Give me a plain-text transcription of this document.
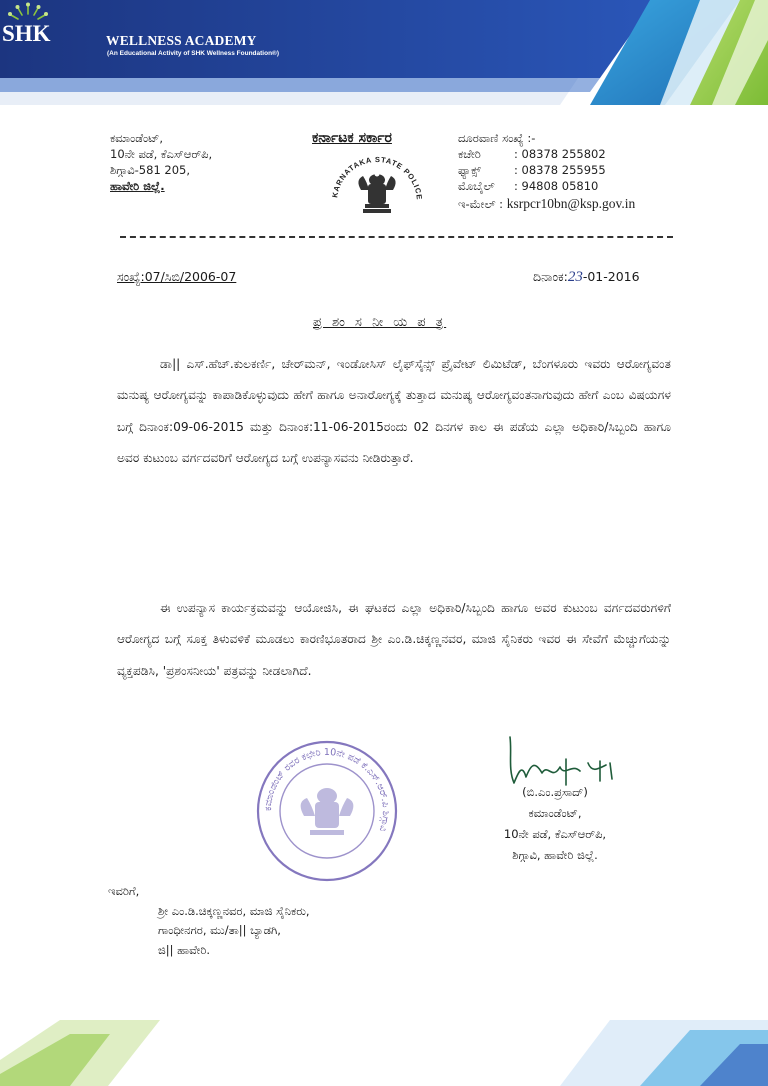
SHK	WELLNESS ACADEMY
(An Educational Activity of SHK Wellness Foundation®)
ಕಮಾಂಡೆಂಟ್,
10ನೇ ಪಡೆ, ಕೆಎಸ್‌ಆರ್‌ಪಿ,
ಶಿಗ್ಗಾವಿ-581 205,
ಹಾವೇರಿ ಜಿಲ್ಲೆ.
ಕರ್ನಾಟಕ ಸರ್ಕಾರ
KARNATAKA STATE POLICE
ದೂರವಾಣಿ ಸಂಖ್ಯೆ :-
ಕಚೇರಿ	: 08378 255802
ಫ್ಯಾಕ್ಸ್	: 08378 255955
ಮೊಬೈಲ್ : 94808 05810
ಇ-ಮೇಲ್ : ksrpcr10bn@ksp.gov.in
ಸಂಖ್ಯೆ:07/ಸಿಬಿ/2006-07	ದಿನಾಂಕ:23-01-2016
ಪ್ರ ಶಂ ಸ ನೀ ಯ ಪ ತ್ರ
ಡಾ|| ಎಸ್.ಹೆಚ್.ಕುಲಕರ್ಣಿ, ಚೇರ್‌ಮನ್, ಇಂಡೋಸಿಸ್ ಲೈಫ್‌ಸೈನ್ಸ್ ಪ್ರೈವೇಟ್ ಲಿಮಿಟೆಡ್, ಬೆಂಗಳೂರು ಇವರು ಆರೋಗ್ಯವಂತ ಮನುಷ್ಯ ಆರೋಗ್ಯವನ್ನು ಕಾಪಾಡಿಕೊಳ್ಳುವುದು ಹೇಗೆ ಹಾಗೂ ಅನಾರೋಗ್ಯಕ್ಕೆ ತುತ್ತಾದ ಮನುಷ್ಯ ಆರೋಗ್ಯವಂತನಾಗುವುದು ಹೇಗೆ ಎಂಬ ವಿಷಯಗಳ ಬಗ್ಗೆ ದಿನಾಂಕ:09-06-2015 ಮತ್ತು ದಿನಾಂಕ:11-06-2015ರಂದು 02 ದಿನಗಳ ಕಾಲ ಈ ಪಡೆಯ ಎಲ್ಲಾ ಅಧಿಕಾರಿ/ಸಿಬ್ಬಂದಿ ಹಾಗೂ ಅವರ ಕುಟುಂಬ ವರ್ಗದವರಿಗೆ ಆರೋಗ್ಯದ ಬಗ್ಗೆ ಉಪನ್ಯಾಸವನು ನೀಡಿರುತ್ತಾರೆ.
ಈ ಉಪನ್ಯಾಸ ಕಾರ್ಯಕ್ರಮವನ್ನು ಆಯೋಜಿಸಿ, ಈ ಘಟಕದ ಎಲ್ಲಾ ಅಧಿಕಾರಿ/ಸಿಬ್ಬಂದಿ ಹಾಗೂ ಅವರ ಕುಟುಂಬ ವರ್ಗದವರುಗಳಿಗೆ ಆರೋಗ್ಯದ ಬಗ್ಗೆ ಸೂಕ್ತ ತಿಳುವಳಿಕೆ ಮೂಡಲು ಕಾರಣಿಭೂತರಾದ ಶ್ರೀ ಎಂ.ಡಿ.ಚಿಕ್ಕಣ್ಣನವರ, ಮಾಜಿ ಸೈನಿಕರು ಇವರ ಈ ಸೇವೆಗೆ ಮೆಚ್ಚುಗೆಯನ್ನು ವ್ಯಕ್ತಪಡಿಸಿ, 'ಪ್ರಶಂಸನೀಯ' ಪತ್ರವನ್ನು ನೀಡಲಾಗಿದೆ.
ಕಮಾಂಡೆಂಟ್ ರವರ ಕಛೇರಿ 10ನೇ ಪಡೆ ಕೆ.ಎಸ್.ಆರ್.ಪಿ ಶಿಗ್ಗಾವಿ
(ಬಿ.ಎಂ.ಪ್ರಸಾದ್)
ಕಮಾಂಡೆಂಟ್,
10ನೇ ಪಡೆ, ಕೆಎಸ್‌ಆರ್‌ಪಿ,
ಶಿಗ್ಗಾವಿ, ಹಾವೇರಿ ಜಿಲ್ಲೆ.
ಇವರಿಗೆ,
ಶ್ರೀ ಎಂ.ಡಿ.ಚಿಕ್ಕಣ್ಣನವರ, ಮಾಜಿ ಸೈನಿಕರು,
ಗಾಂಧೀನಗರ, ಮು/ತಾ|| ಬ್ಯಾಡಗಿ,
ಜಿ|| ಹಾವೇರಿ.
